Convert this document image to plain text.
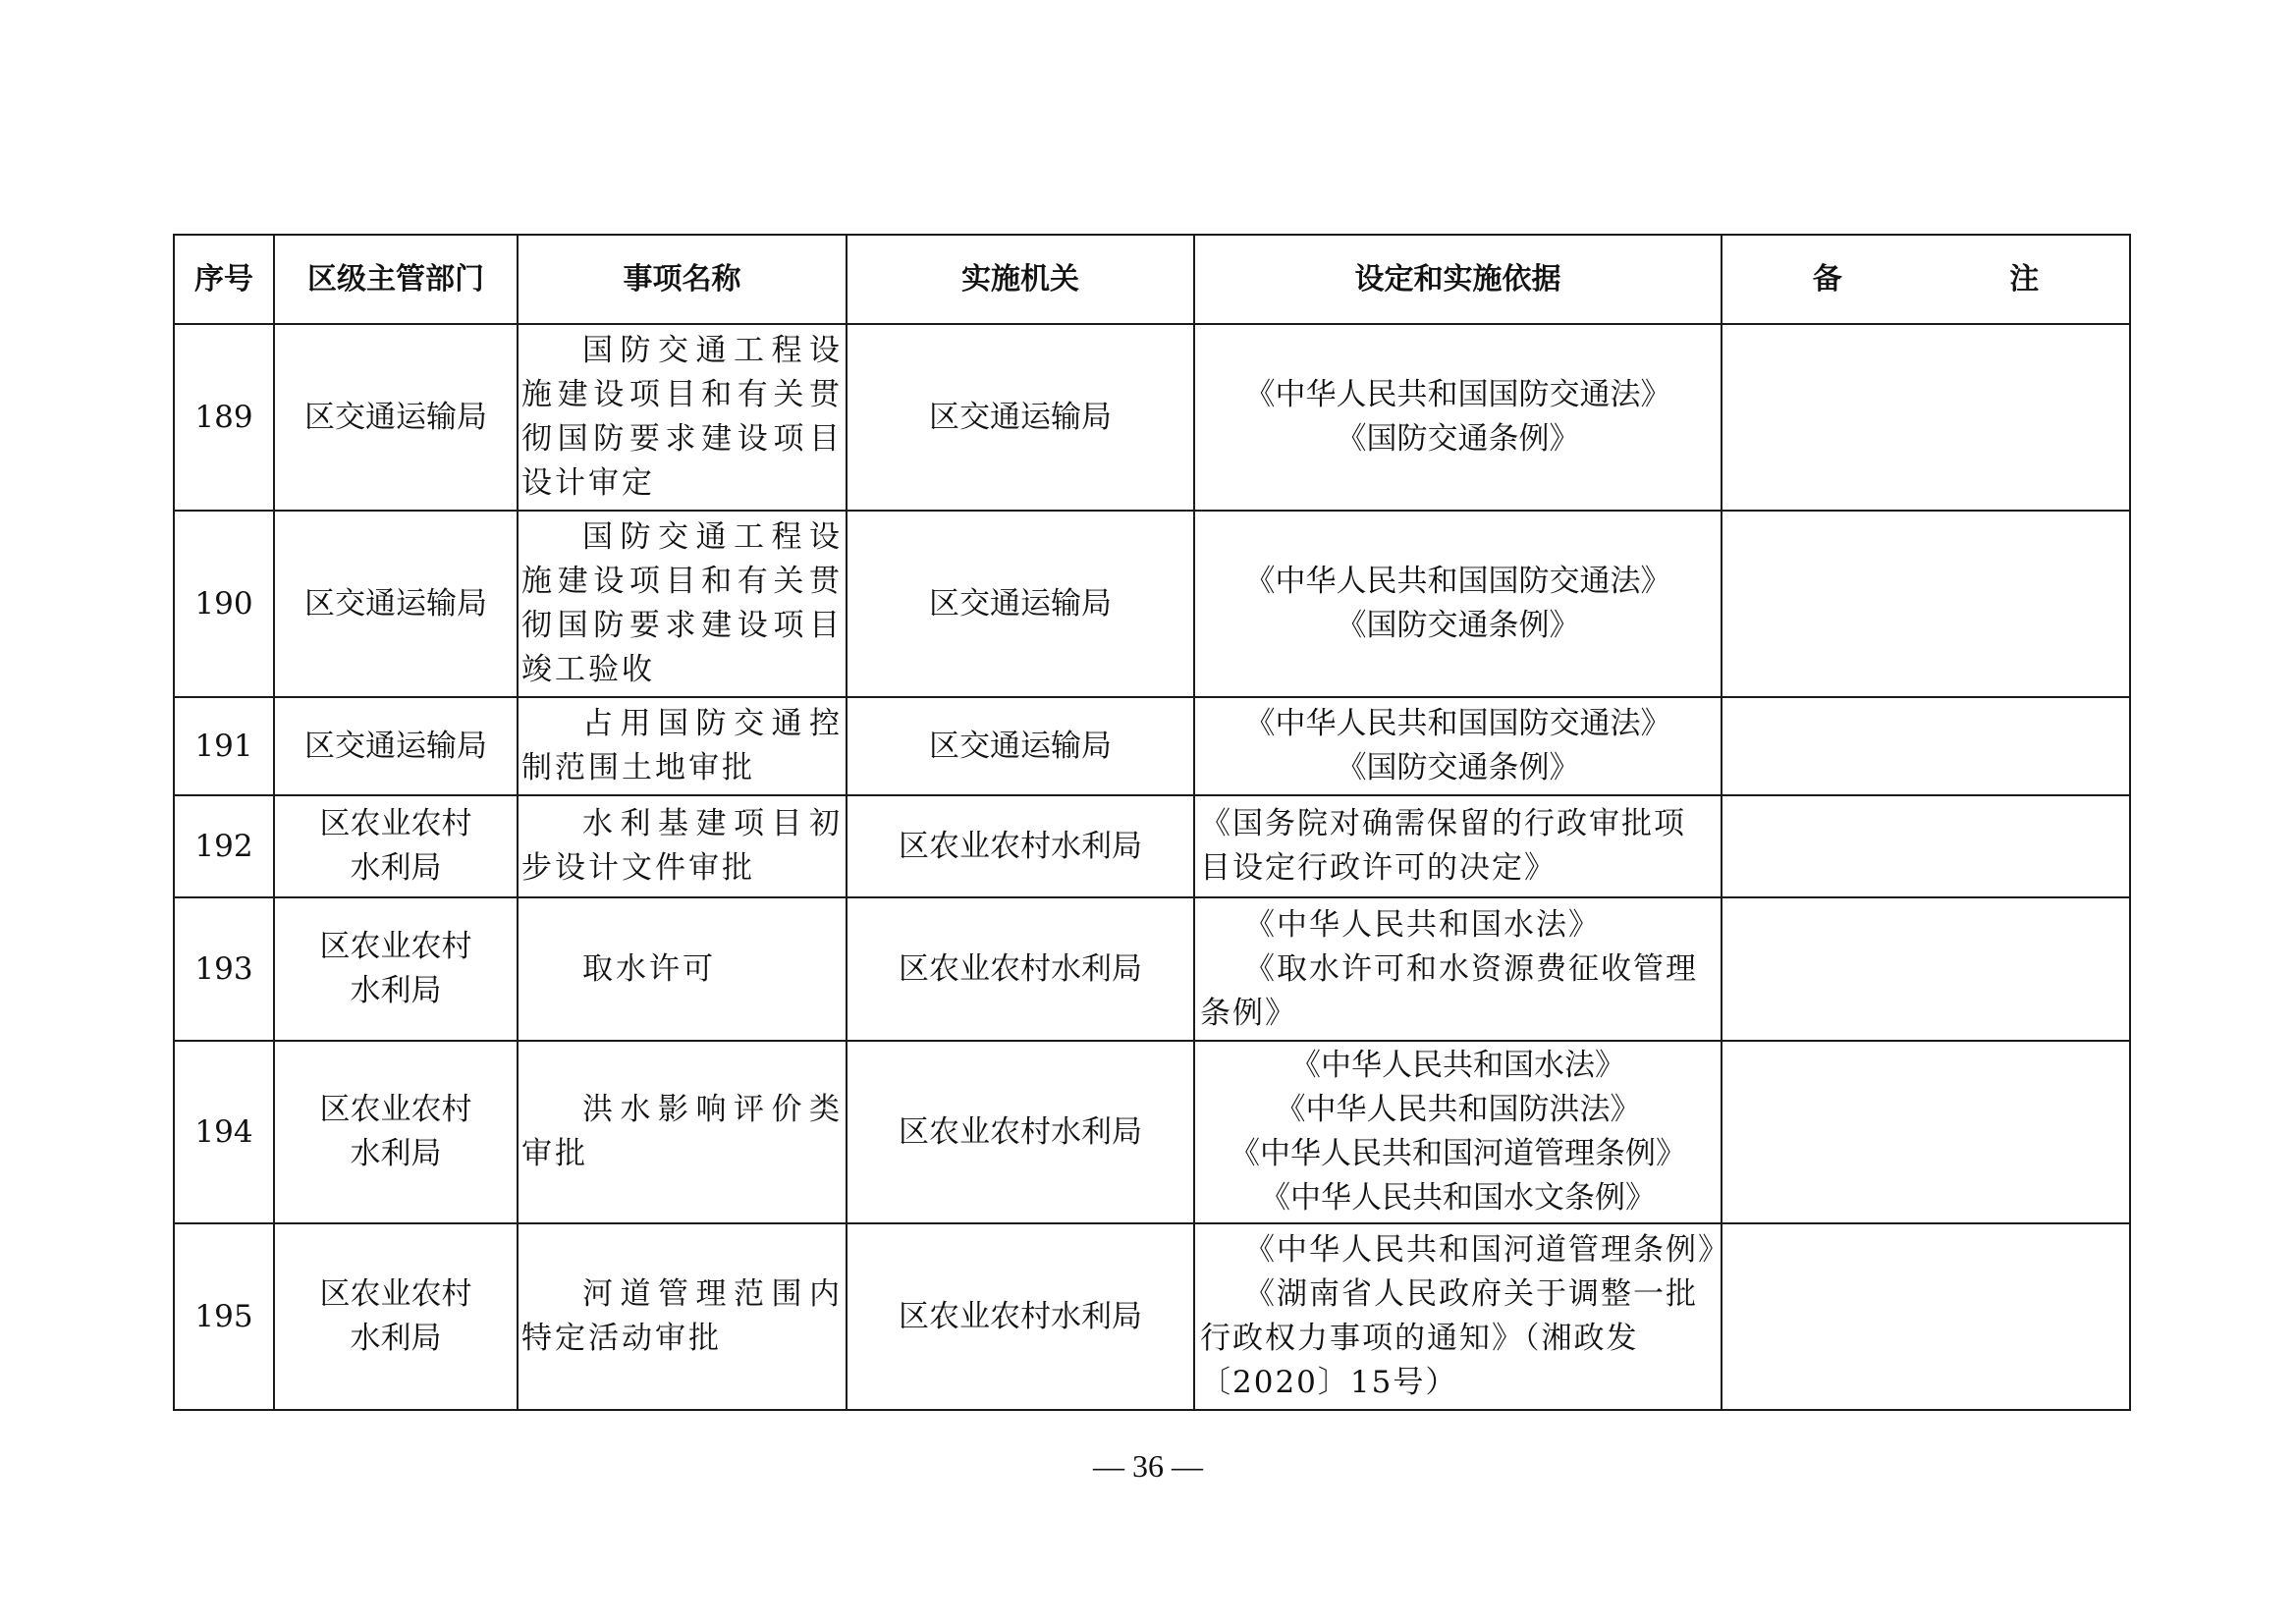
序号	区级主管部门	事项名称	实施机关	设定和实施依据	备 注
189	区交通运输局	国防交通工程设施建设项目和有关贯彻国防要求建设项目设计审定	区交通运输局	《中华人民共和国国防交通法》
《国防交通条例》	

190	区交通运输局	国防交通工程设施建设项目和有关贯彻国防要求建设项目竣工验收	区交通运输局	《中华人民共和国国防交通法》
《国防交通条例》	

191	区交通运输局	占用国防交通控制范围土地审批	区交通运输局	《中华人民共和国国防交通法》
《国防交通条例》	

192	区农业农村水利局	水利基建项目初步设计文件审批	区农业农村水利局	《国务院对确需保留的行政审批项目设定行政许可的决定》	

193	区农业农村水利局	取水许可	区农业农村水利局	《中华人民共和国水法》
《取水许可和水资源费征收管理条例》	

194	区农业农村水利局	洪水影响评价类审批	区农业农村水利局	《中华人民共和国水法》
《中华人民共和国防洪法》
《中华人民共和国河道管理条例》
《中华人民共和国水文条例》	

195	区农业农村水利局	河道管理范围内特定活动审批	区农业农村水利局	《中华人民共和国河道管理条例》
《湖南省人民政府关于调整一批行政权力事项的通知》（湘政发〔2020〕15号）	

— 36 —
